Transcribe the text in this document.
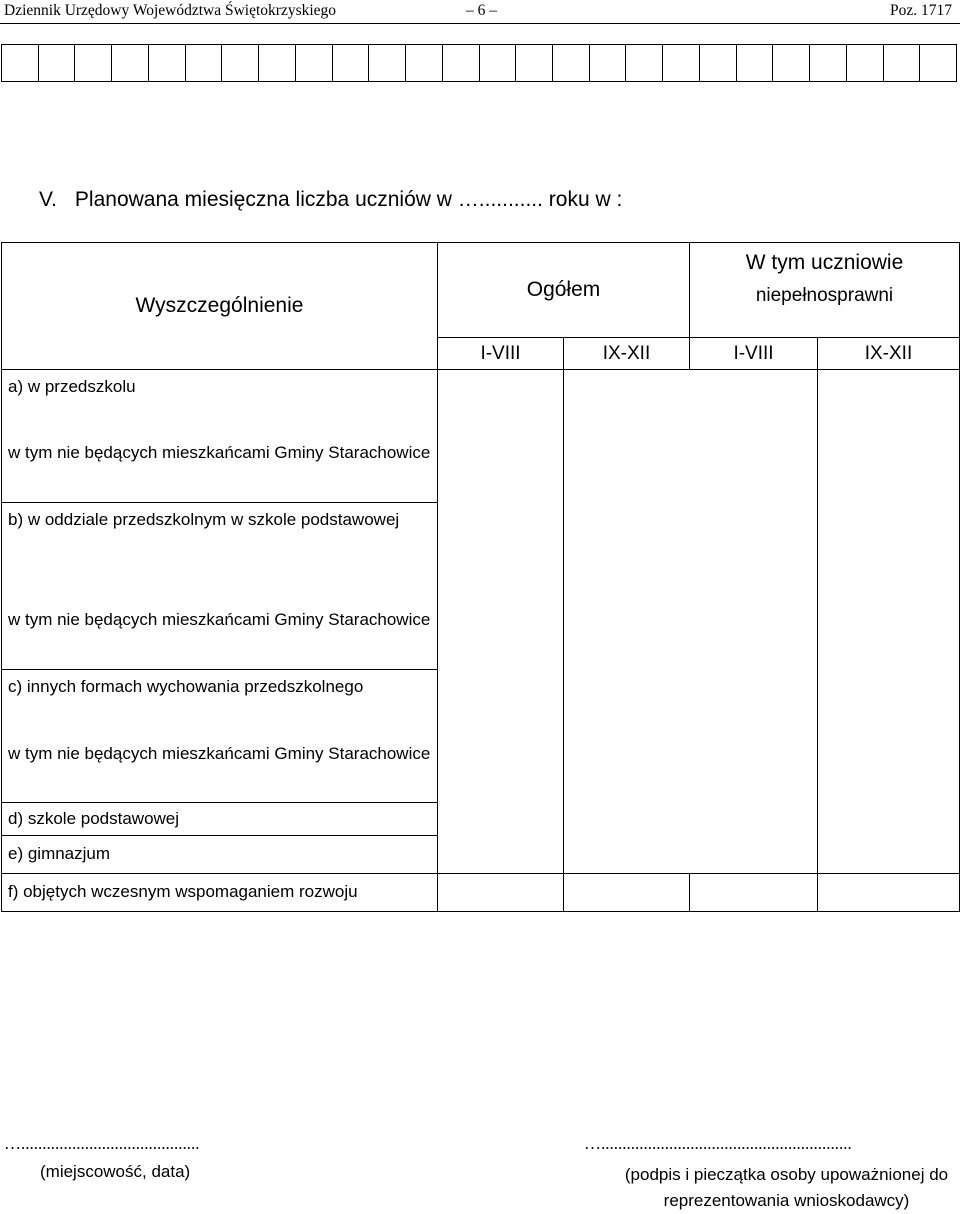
Dziennik Urzędowy Województwa Świętokrzyskiego	– 6 –	Poz. 1717
V. Planowana miesięczna liczba uczniów w …........... roku w :
Wyszczególnienie	Ogółem		W tym uczniowie
niepełnosprawni	

	I-VIII	IX-XII	I-VIII	IX-XII
a) w przedszkolu				
w tym nie będących mieszkańcami Gminy Starachowice				
b) w oddziale przedszkolnym w szkole podstawowej				
w tym nie będących mieszkańcami Gminy Starachowice				
c) innych formach wychowania przedszkolnego				
w tym nie będących mieszkańcami Gminy Starachowice				
d) szkole podstawowej				
e) gimnazjum				
f) objętych wczesnym wspomaganiem rozwoju				
…..........................................	…...........................................................
(miejscowość, data)	(podpis i pieczątka osoby upoważnionej do reprezentowania wnioskodawcy)
